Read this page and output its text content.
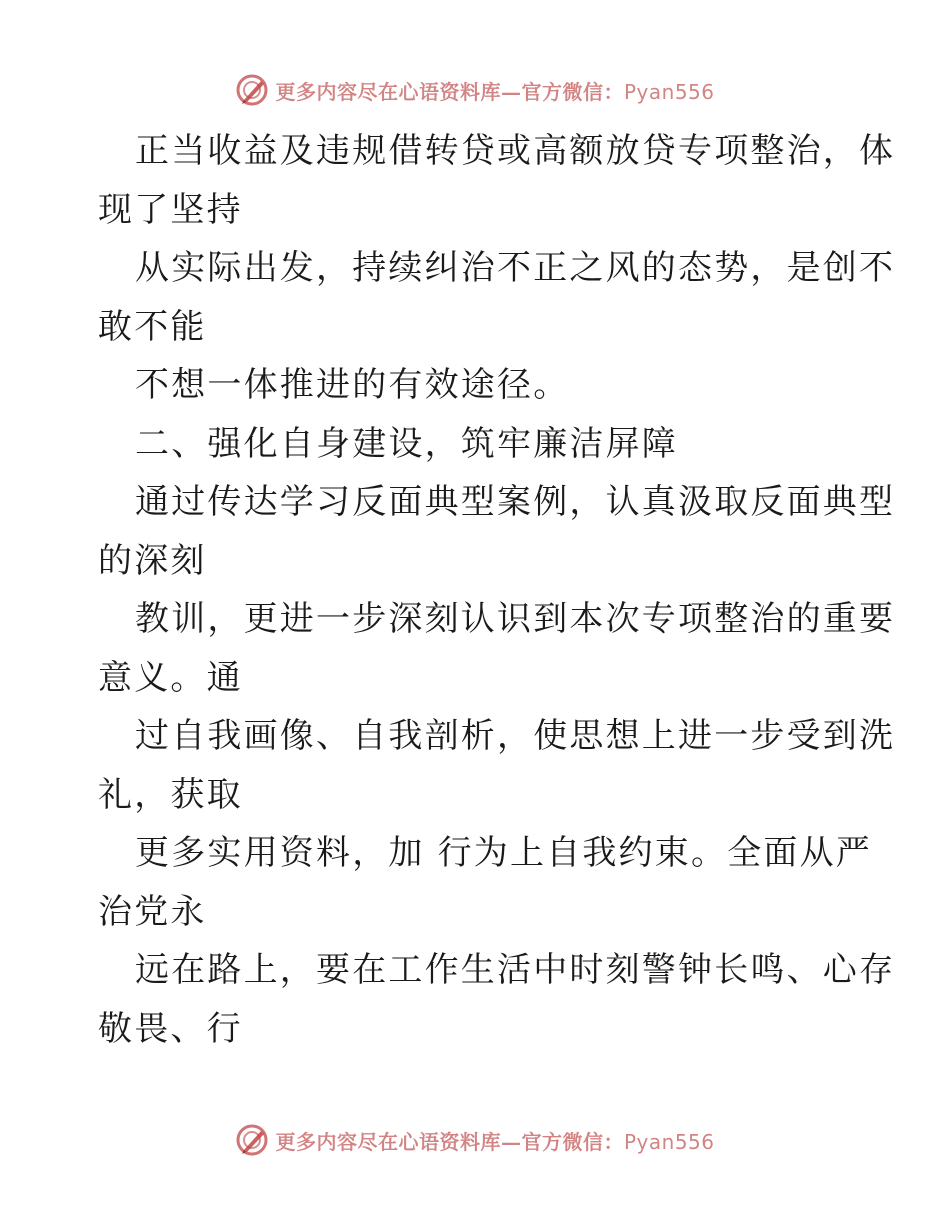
更多内容尽在心语资料库—官方微信：Pyan556
正当收益及违规借转贷或高额放贷专项整治，体
现了坚持
从实际出发，持续纠治不正之风的态势，是创不
敢不能
不想一体推进的有效途径。
二、强化自身建设，筑牢廉洁屏障
通过传达学习反面典型案例，认真汲取反面典型
的深刻
教训，更进一步深刻认识到本次专项整治的重要
意义。通
过自我画像、自我剖析，使思想上进一步受到洗
礼，获取
更多实用资料，加 行为上自我约束。全面从严
治党永
远在路上，要在工作生活中时刻警钟长鸣、心存
敬畏、行
更多内容尽在心语资料库—官方微信：Pyan556
